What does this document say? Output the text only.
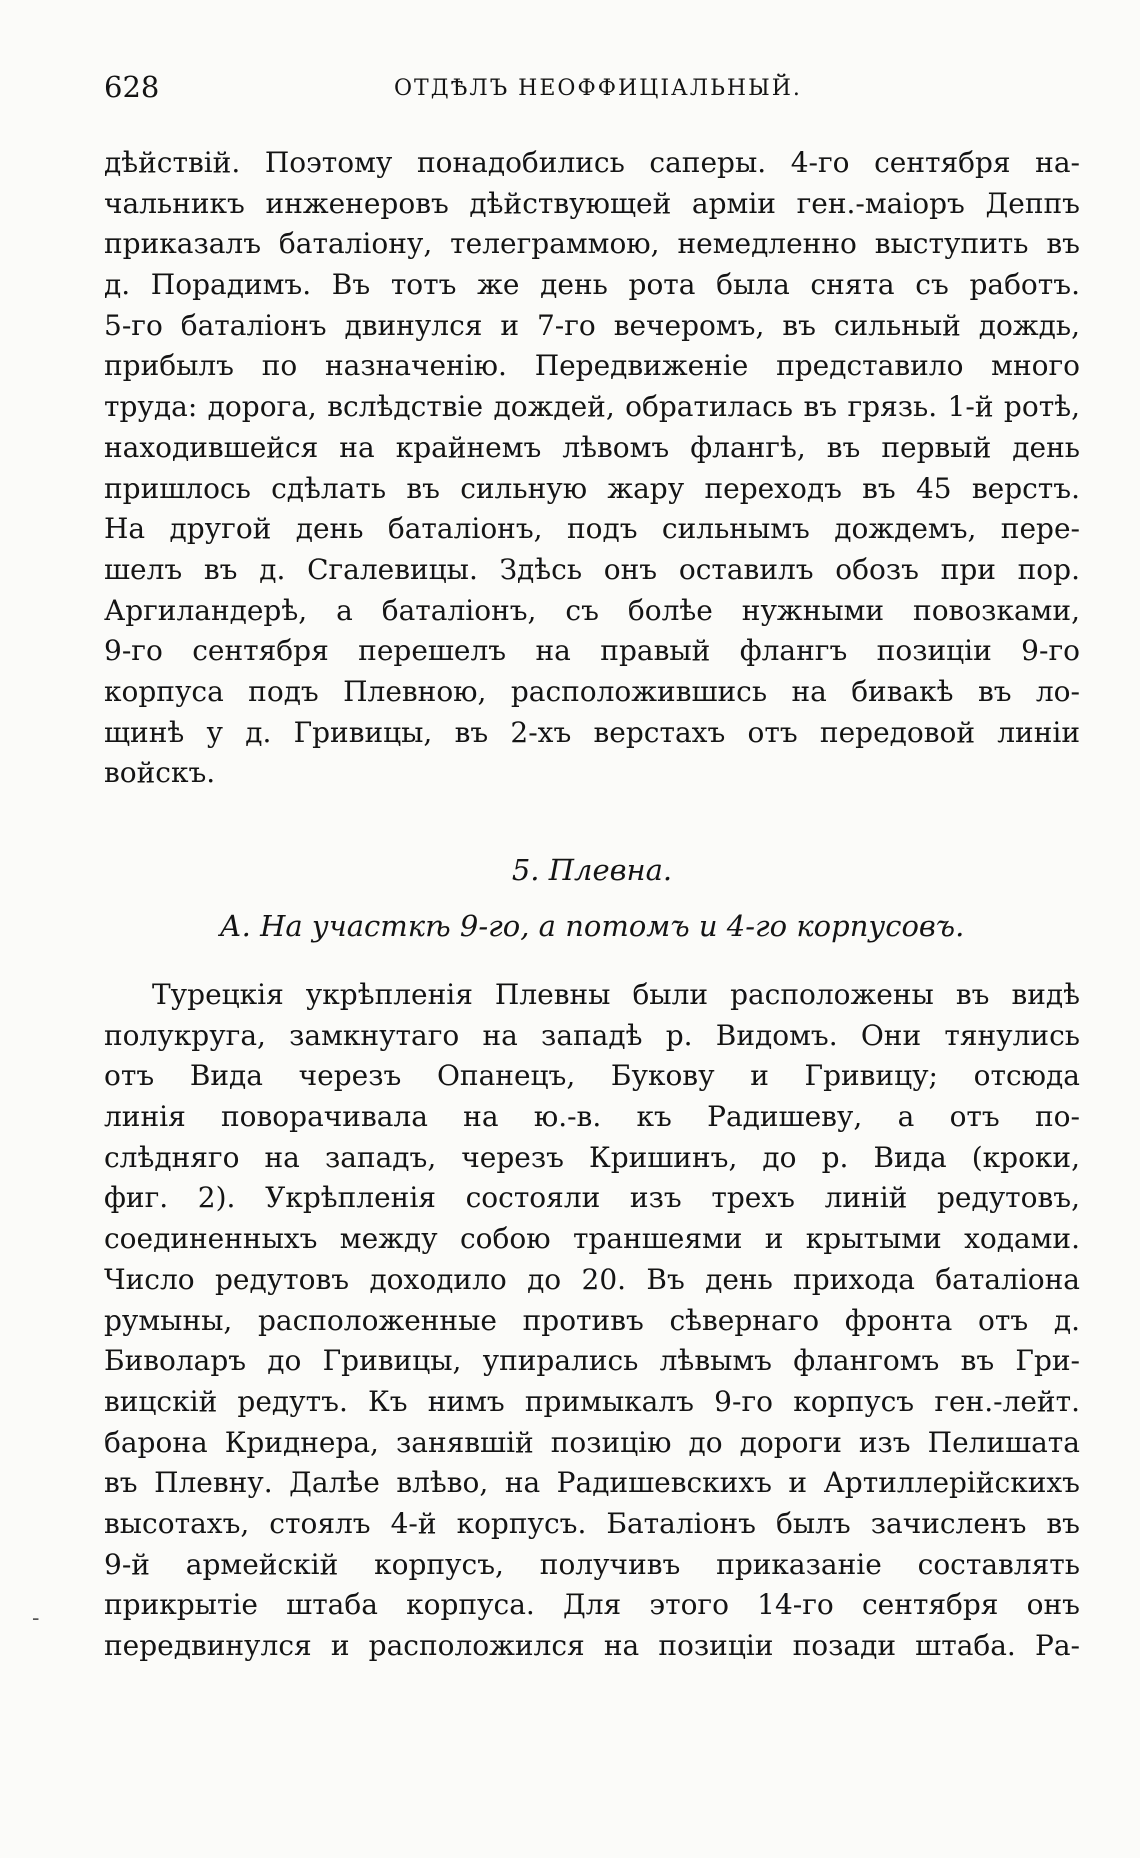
628	ОТДѢЛЪ НЕОФФИЦІАЛЬНЫЙ.
дѣйствій. Поэтому понадобились саперы. 4-го сентября на-
чальникъ инженеровъ дѣйствующей арміи ген.-маіоръ Деппъ
приказалъ баталіону, телеграммою, немедленно выступить въ
д. Порадимъ. Въ тотъ же день рота была снята съ работъ.
5-го баталіонъ двинулся и 7-го вечеромъ, въ сильный дождь,
прибылъ по назначенію. Передвиженіе представило много
труда: дорога, вслѣдствіе дождей, обратилась въ грязь. 1-й ротѣ,
находившейся на крайнемъ лѣвомъ флангѣ, въ первый день
пришлось сдѣлать въ сильную жару переходъ въ 45 верстъ.
На другой день баталіонъ, подъ сильнымъ дождемъ, пере-
шелъ въ д. Сгалевицы. Здѣсь онъ оставилъ обозъ при пор.
Аргиландерѣ, а баталіонъ, съ болѣе нужными повозками,
9-го сентября перешелъ на правый флангъ позиціи 9-го
корпуса подъ Плевною, расположившись на бивакѣ въ ло-
щинѣ у д. Гривицы, въ 2-хъ верстахъ отъ передовой линіи
войскъ.
5. Плевна.
А. На участкѣ 9-го, а потомъ и 4-го корпусовъ.
Турецкія укрѣпленія Плевны были расположены въ видѣ
полукруга, замкнутаго на западѣ р. Видомъ. Они тянулись
отъ Вида черезъ Опанецъ, Букову и Гривицу; отсюда
линія поворачивала на ю.-в. къ Радишеву, а отъ по-
слѣдняго на западъ, черезъ Кришинъ, до р. Вида (кроки,
фиг. 2). Укрѣпленія состояли изъ трехъ линій редутовъ,
соединенныхъ между собою траншеями и крытыми ходами.
Число редутовъ доходило до 20. Въ день прихода баталіона
румыны, расположенные противъ сѣвернаго фронта отъ д.
Биволаръ до Гривицы, упирались лѣвымъ флангомъ въ Гри-
вицскій редутъ. Къ нимъ примыкалъ 9-го корпусъ ген.-лейт.
барона Криднера, занявшій позицію до дороги изъ Пелишата
въ Плевну. Далѣе влѣво, на Радишевскихъ и Артиллерійскихъ
высотахъ, стоялъ 4-й корпусъ. Баталіонъ былъ зачисленъ въ
9-й армейскій корпусъ, получивъ приказаніе составлять
прикрытіе штаба корпуса. Для этого 14-го сентября онъ
передвинулся и расположился на позиціи позади штаба. Ра-
-
